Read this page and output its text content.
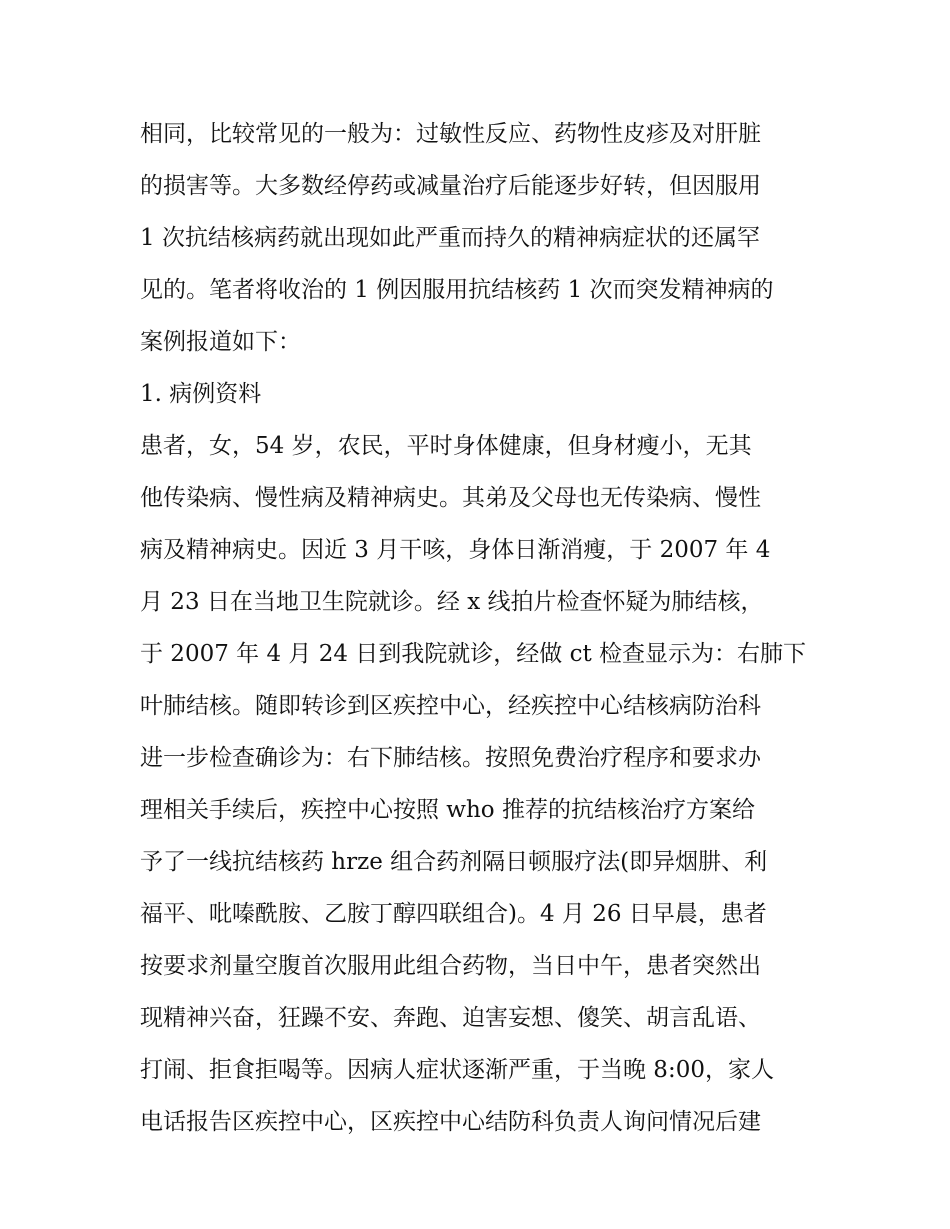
相同，比较常见的一般为：过敏性反应、药物性皮疹及对肝脏
的损害等。大多数经停药或减量治疗后能逐步好转，但因服用
1 次抗结核病药就出现如此严重而持久的精神病症状的还属罕
见的。笔者将收治的 1 例因服用抗结核药 1 次而突发精神病的
案例报道如下：
1. 病例资料
患者，女，54 岁，农民，平时身体健康，但身材瘦小，无其
他传染病、慢性病及精神病史。其弟及父母也无传染病、慢性
病及精神病史。因近 3 月干咳，身体日渐消瘦，于 2007 年 4
月 23 日在当地卫生院就诊。经 x 线拍片检查怀疑为肺结核，
于 2007 年 4 月 24 日到我院就诊，经做 ct 检查显示为：右肺下
叶肺结核。随即转诊到区疾控中心，经疾控中心结核病防治科
进一步检查确诊为：右下肺结核。按照免费治疗程序和要求办
理相关手续后，疾控中心按照 who 推荐的抗结核治疗方案给
予了一线抗结核药 hrze 组合药剂隔日顿服疗法(即异烟肼、利
福平、吡嗪酰胺、乙胺丁醇四联组合)。4 月 26 日早晨，患者
按要求剂量空腹首次服用此组合药物，当日中午，患者突然出
现精神兴奋，狂躁不安、奔跑、迫害妄想、傻笑、胡言乱语、
打闹、拒食拒喝等。因病人症状逐渐严重，于当晚 8:00，家人
电话报告区疾控中心，区疾控中心结防科负责人询问情况后建
